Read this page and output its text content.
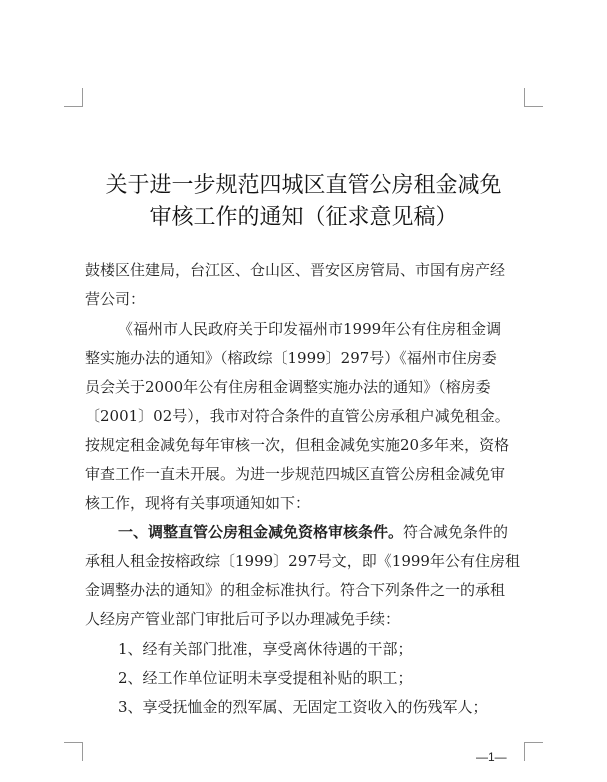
关于进一步规范四城区直管公房租金减免
审核工作的通知（征求意见稿）
鼓楼区住建局，台江区、仓山区、晋安区房管局、市国有房产经
营公司：
《福州市人民政府关于印发福州市1999年公有住房租金调
整实施办法的通知》（榕政综〔1999〕297号）《福州市住房委
员会关于2000年公有住房租金调整实施办法的通知》（榕房委
〔2001〕02号），我市对符合条件的直管公房承租户减免租金。
按规定租金减免每年审核一次，但租金减免实施20多年来，资格
审查工作一直未开展。为进一步规范四城区直管公房租金减免审
核工作，现将有关事项通知如下：
一、调整直管公房租金减免资格审核条件。符合减免条件的
承租人租金按榕政综〔1999〕297号文，即《1999年公有住房租
金调整办法的通知》的租金标准执行。符合下列条件之一的承租
人经房产管业部门审批后可予以办理减免手续：
1、经有关部门批准，享受离休待遇的干部；
2、经工作单位证明未享受提租补贴的职工；
3、享受抚恤金的烈军属、无固定工资收入的伤残军人；
—1—
